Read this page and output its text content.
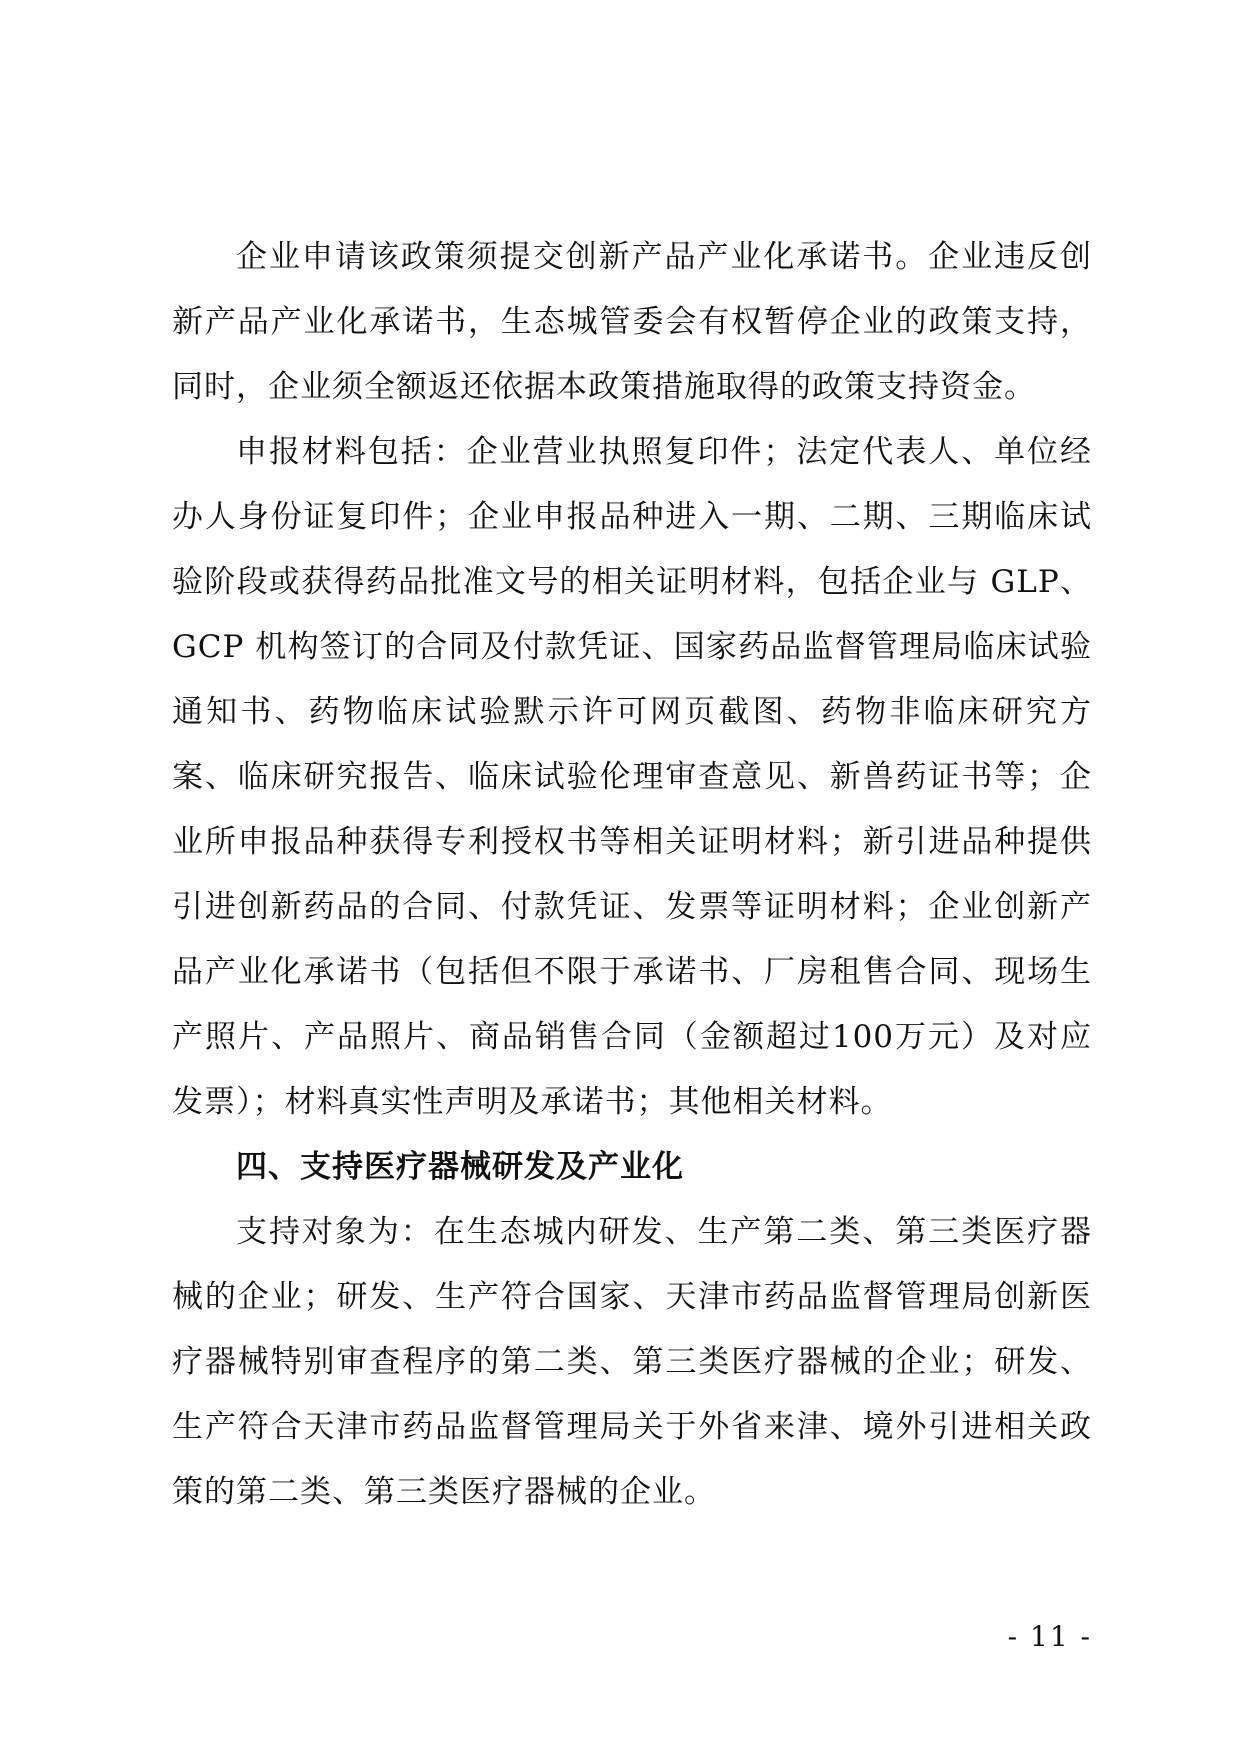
企业申请该政策须提交创新产品产业化承诺书。企业违反创新产品产业化承诺书，生态城管委会有权暂停企业的政策支持，同时，企业须全额返还依据本政策措施取得的政策支持资金。

申报材料包括：企业营业执照复印件；法定代表人、单位经办人身份证复印件；企业申报品种进入一期、二期、三期临床试验阶段或获得药品批准文号的相关证明材料，包括企业与 GLP、GCP 机构签订的合同及付款凭证、国家药品监督管理局临床试验通知书、药物临床试验默示许可网页截图、药物非临床研究方案、临床研究报告、临床试验伦理审查意见、新兽药证书等；企业所申报品种获得专利授权书等相关证明材料；新引进品种提供引进创新药品的合同、付款凭证、发票等证明材料；企业创新产品产业化承诺书（包括但不限于承诺书、厂房租售合同、现场生产照片、产品照片、商品销售合同（金额超过100万元）及对应发票）；材料真实性声明及承诺书；其他相关材料。

四、支持医疗器械研发及产业化

支持对象为：在生态城内研发、生产第二类、第三类医疗器械的企业；研发、生产符合国家、天津市药品监督管理局创新医疗器械特别审查程序的第二类、第三类医疗器械的企业；研发、生产符合天津市药品监督管理局关于外省来津、境外引进相关政策的第二类、第三类医疗器械的企业。

- 11 -
